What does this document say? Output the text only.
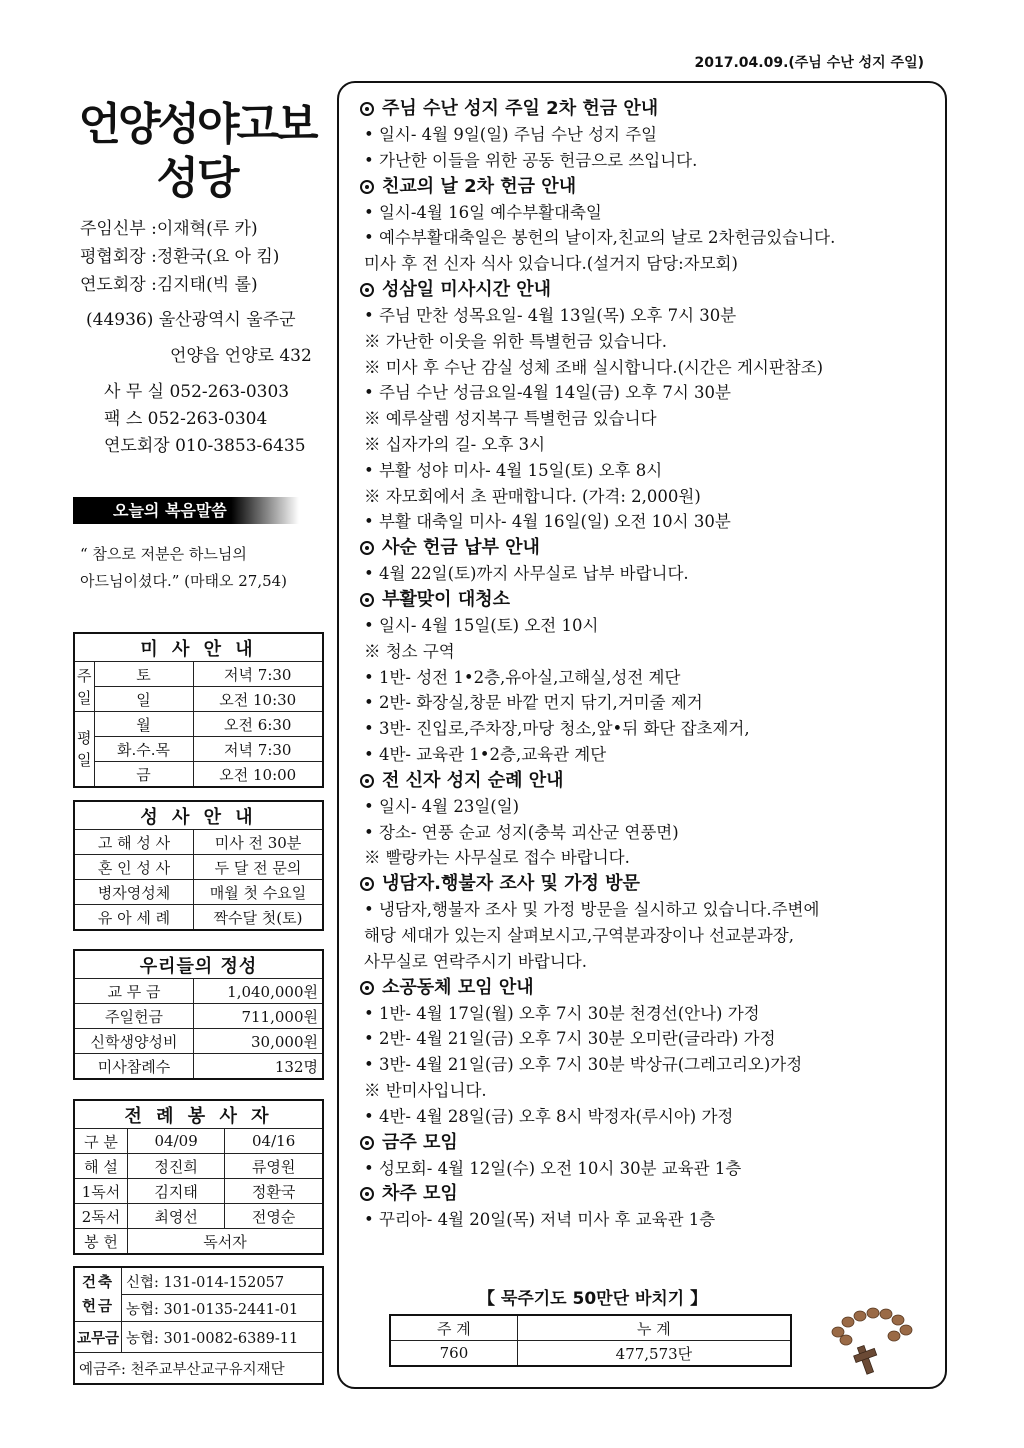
2017.04.09.(주님 수난 성지 주일)
언양성야고보
성당
주임신부 :이재혁(루 카)
평협회장 :정환국(요 아 킴)
연도회장 :김지태(빅 롤)
(44936) 울산광역시 울주군
언양읍 언양로 432
사 무 실 052-263-0303
팩 스 052-263-0304
연도회장 010-3853-6435
오늘의 복음말씀
“ 참으로 저분은 하느님의
아드님이셨다.” (마태오 27,54)
미 사 안 내		
주일	토	저녁 7:30
	일	오전 10:30
평일	월	오전 6:30
	화.수.목	저녁 7:30
	금	오전 10:00
성 사 안 내	
고 해 성 사	미사 전 30분
혼 인 성 사	두 달 전 문의
병자영성체	매월 첫 수요일
유 아 세 례	짝수달 첫(토)
우리들의 정성	
교 무 금	1,040,000원
주일헌금	711,000원
신학생양성비	30,000원
미사참례수	132명
전 례 봉 사 자		
구 분	04/09	04/16
해 설	정진희	류영원
1독서	김지태	정환국
2독서	최영선	전영순
봉 헌	독서자	
건축헌금	신협: 131-014-152057
	농협: 301-0135-2441-01
교무금	농협: 301-0082-6389-11
예금주: 천주교부산교구유지재단	
주님 수난 성지 주일 2차 헌금 안내
• 일시- 4월 9일(일) 주님 수난 성지 주일
• 가난한 이들을 위한 공동 헌금으로 쓰입니다.
친교의 날 2차 헌금 안내
• 일시-4월 16일 예수부활대축일
• 예수부활대축일은 봉헌의 날이자,친교의 날로 2차헌금있습니다.
미사 후 전 신자 식사 있습니다.(설거지 담당:자모회)
성삼일 미사시간 안내
• 주님 만찬 성목요일- 4월 13일(목) 오후 7시 30분
※ 가난한 이웃을 위한 특별헌금 있습니다.
※ 미사 후 수난 감실 성체 조배 실시합니다.(시간은 게시판참조)
• 주님 수난 성금요일-4월 14일(금) 오후 7시 30분
※ 예루살렘 성지복구 특별헌금 있습니다
※ 십자가의 길- 오후 3시
• 부활 성야 미사- 4월 15일(토) 오후 8시
※ 자모회에서 초 판매합니다. (가격: 2,000원)
• 부활 대축일 미사- 4월 16일(일) 오전 10시 30분
사순 헌금 납부 안내
• 4월 22일(토)까지 사무실로 납부 바랍니다.
부활맞이 대청소
• 일시- 4월 15일(토) 오전 10시
※ 청소 구역
• 1반- 성전 1•2층,유아실,고해실,성전 계단
• 2반- 화장실,창문 바깥 먼지 닦기,거미줄 제거
• 3반- 진입로,주차장,마당 청소,앞•뒤 화단 잡초제거,
• 4반- 교육관 1•2층,교육관 계단
전 신자 성지 순례 안내
• 일시- 4월 23일(일)
• 장소- 연풍 순교 성지(충북 괴산군 연풍면)
※ 빨랑카는 사무실로 접수 바랍니다.
냉담자.행불자 조사 및 가정 방문
• 냉담자,행불자 조사 및 가정 방문을 실시하고 있습니다.주변에
해당 세대가 있는지 살펴보시고,구역분과장이나 선교분과장,
사무실로 연락주시기 바랍니다.
소공동체 모임 안내
• 1반- 4월 17일(월) 오후 7시 30분 천경선(안나) 가정
• 2반- 4월 21일(금) 오후 7시 30분 오미란(글라라) 가정
• 3반- 4월 21일(금) 오후 7시 30분 박상규(그레고리오)가정
※ 반미사입니다.
• 4반- 4월 28일(금) 오후 8시 박정자(루시아) 가정
금주 모임
• 성모회- 4월 12일(수) 오전 10시 30분 교육관 1층
차주 모임
• 꾸리아- 4월 20일(목) 저녁 미사 후 교육관 1층
【 묵주기도 50만단 바치기 】
주 계	누 계
760	477,573단
